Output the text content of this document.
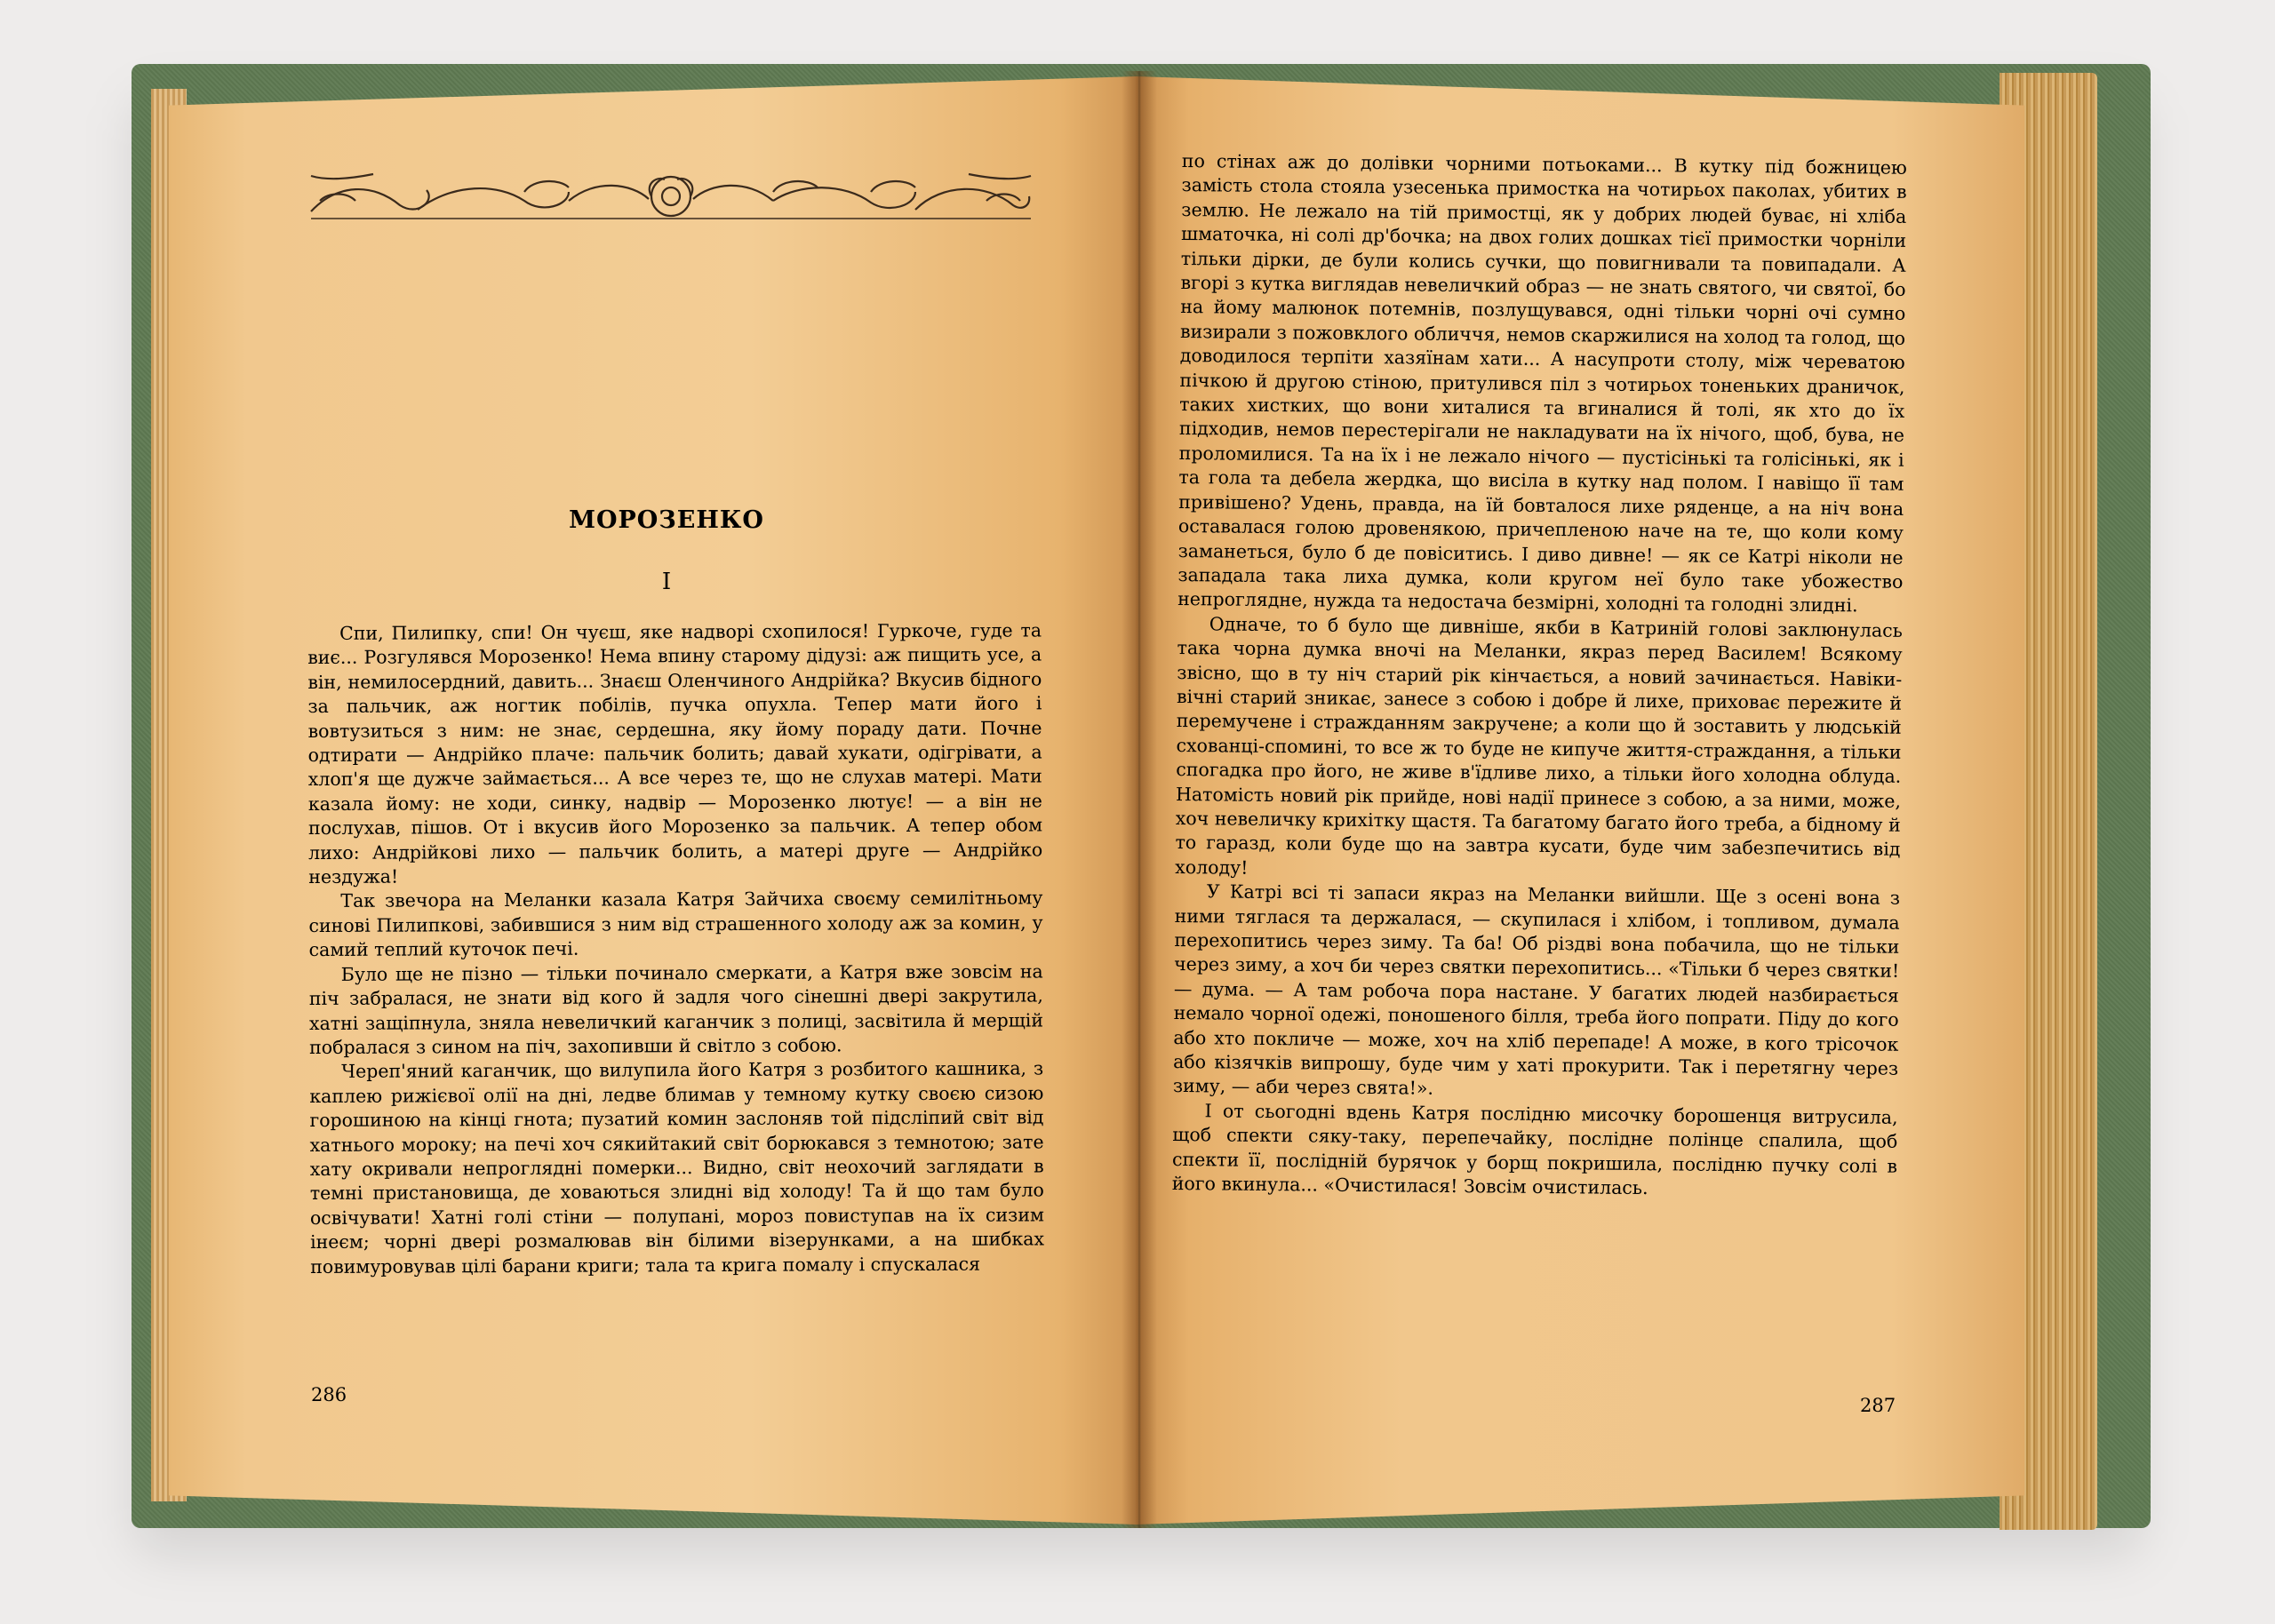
МОРОЗЕНКО
I

Спи, Пилипку, спи! Он чуєш, яке надворі схопилося! Гуркоче, гуде та виє... Розгулявся Морозенко! Нема впину старому дідузі: аж пищить усе, а він, немилосердний, давить... Знаєш Оленчиного Андрійка? Вкусив бідного за пальчик, аж ногтик побілів, пучка опухла. Тепер мати його і вовтузиться з ним: не знає, сердешна, яку йому пораду дати. Почне одтирати — Андрійко плаче: пальчик болить; давай хукати, одігрівати, а хлоп'я ще дужче займається... А все через те, що не слухав матері. Мати казала йому: не ходи, синку, надвір — Морозенко лютує! — а він не послухав, пішов. От і вкусив його Морозенко за пальчик. А тепер обом лихо: Андрійкові лихо — пальчик болить, а матері друге — Андрійко нездужа!

Так звечора на Меланки казала Катря Зайчиха своєму семилітньому синові Пилипкові, забившися з ним від страшенного холоду аж за комин, у самий теплий куточок печі.

Було ще не пізно — тільки починало смеркати, а Катря вже зовсім на піч забралася, не знати від кого й задля чого сінешні двері закрутила, хатні защіпнула, зняла невеличкий каганчик з полиці, засвітила й мерщій побралася з сином на піч, захопивши й світло з собою.

Череп'яний каганчик, що вилупила його Катря з розбитого кашника, з каплею рижієвої олії на дні, ледве блимав у темному кутку своєю сизою горошиною на кінці гнота; пузатий комин заслоняв той підсліпий світ від хатнього мороку; на печі хоч сякийтакий світ борюкався з темнотою; зате хату окривали непроглядні померки... Видно, світ неохочий заглядати в темні пристановища, де ховаються злидні від холоду! Та й що там було освічувати! Хатні голі стіни — полупані, мороз повиступав на їх сизим інеєм; чорні двері розмалював він білими візерунками, а на шибках повимуровував цілі барани криги; тала та крига помалу і спускалася

286

по стінах аж до долівки чорними потьоками... В кутку під божницею замість стола стояла узесенька примостка на чотирьох паколах, убитих в землю. Не лежало на тій примостці, як у добрих людей буває, ні хліба шматочка, ні солі др'бочка; на двох голих дошках тієї примостки чорніли тільки дірки, де були колись сучки, що повигнивали та повипадали. А вгорі з кутка виглядав невеличкий образ — не знать святого, чи святої, бо на йому малюнок потемнів, позлущувався, одні тільки чорні очі сумно визирали з пожовклого обличчя, немов скаржилися на холод та голод, що доводилося терпіти хазяїнам хати... А насупроти столу, між череватою пічкою й другою стіною, притулився піл з чотирьох тоненьких драничок, таких хистких, що вони хиталися та вгиналися й толі, як хто до їх підходив, немов перестерігали не накладувати на їх нічого, щоб, бува, не проломилися. Та на їх і не лежало нічого — пустісінькі та голісінькі, як і та гола та дебела жердка, що висіла в кутку над полом. І навіщо її там привішено? Удень, правда, на їй бовталося лихе ряденце, а на ніч вона оставалася голою дровенякою, причепленою наче на те, що коли кому заманеться, було б де повіситись. І диво дивне! — як се Катрі ніколи не западала така лиха думка, коли кругом неї було таке убожество непроглядне, нужда та недостача безмірні, холодні та голодні злидні.

Одначе, то б було ще дивніше, якби в Катриній голові заклюнулась така чорна думка вночі на Меланки, якраз перед Василем! Всякому звісно, що в ту ніч старий рік кінчається, а новий зачинається. Навіки-вічні старий зникає, занесе з собою і добре й лихе, приховає пережите й перемучене і стражданням закручене; а коли що й зоставить у людській схованці-спомині, то все ж то буде не кипуче життя-страждання, а тільки спогадка про його, не живе в'їдливе лихо, а тільки його холодна облуда. Натомість новий рік прийде, нові надії принесе з собою, а за ними, може, хоч невеличку крихітку щастя. Та багатому багато його треба, а бідному й то гаразд, коли буде що на завтра кусати, буде чим забезпечитись від холоду!

У Катрі всі ті запаси якраз на Меланки вийшли. Ще з осені вона з ними тяглася та держалася, — скупилася і хлібом, і топливом, думала перехопитись через зиму. Та ба! Об різдві вона побачила, що не тільки через зиму, а хоч би через святки перехопитись... «Тільки б через святки! — дума. — А там робоча пора настане. У багатих людей назбирається немало чорної одежі, поношеного білля, треба його попрати. Піду до кого або хто покличе — може, хоч на хліб перепаде! А може, в кого трісочок або кізячків випрошу, буде чим у хаті прокурити. Так і перетягну через зиму, — аби через свята!».

І от сьогодні вдень Катря послідню мисочку борошенця витрусила, щоб спекти сяку-таку, перепечайку, послідне полінце спалила, щоб спекти її, послідній бурячок у борщ покришила, послідню пучку солі в його вкинула... «Очистилася! Зовсім очистилась.

287
